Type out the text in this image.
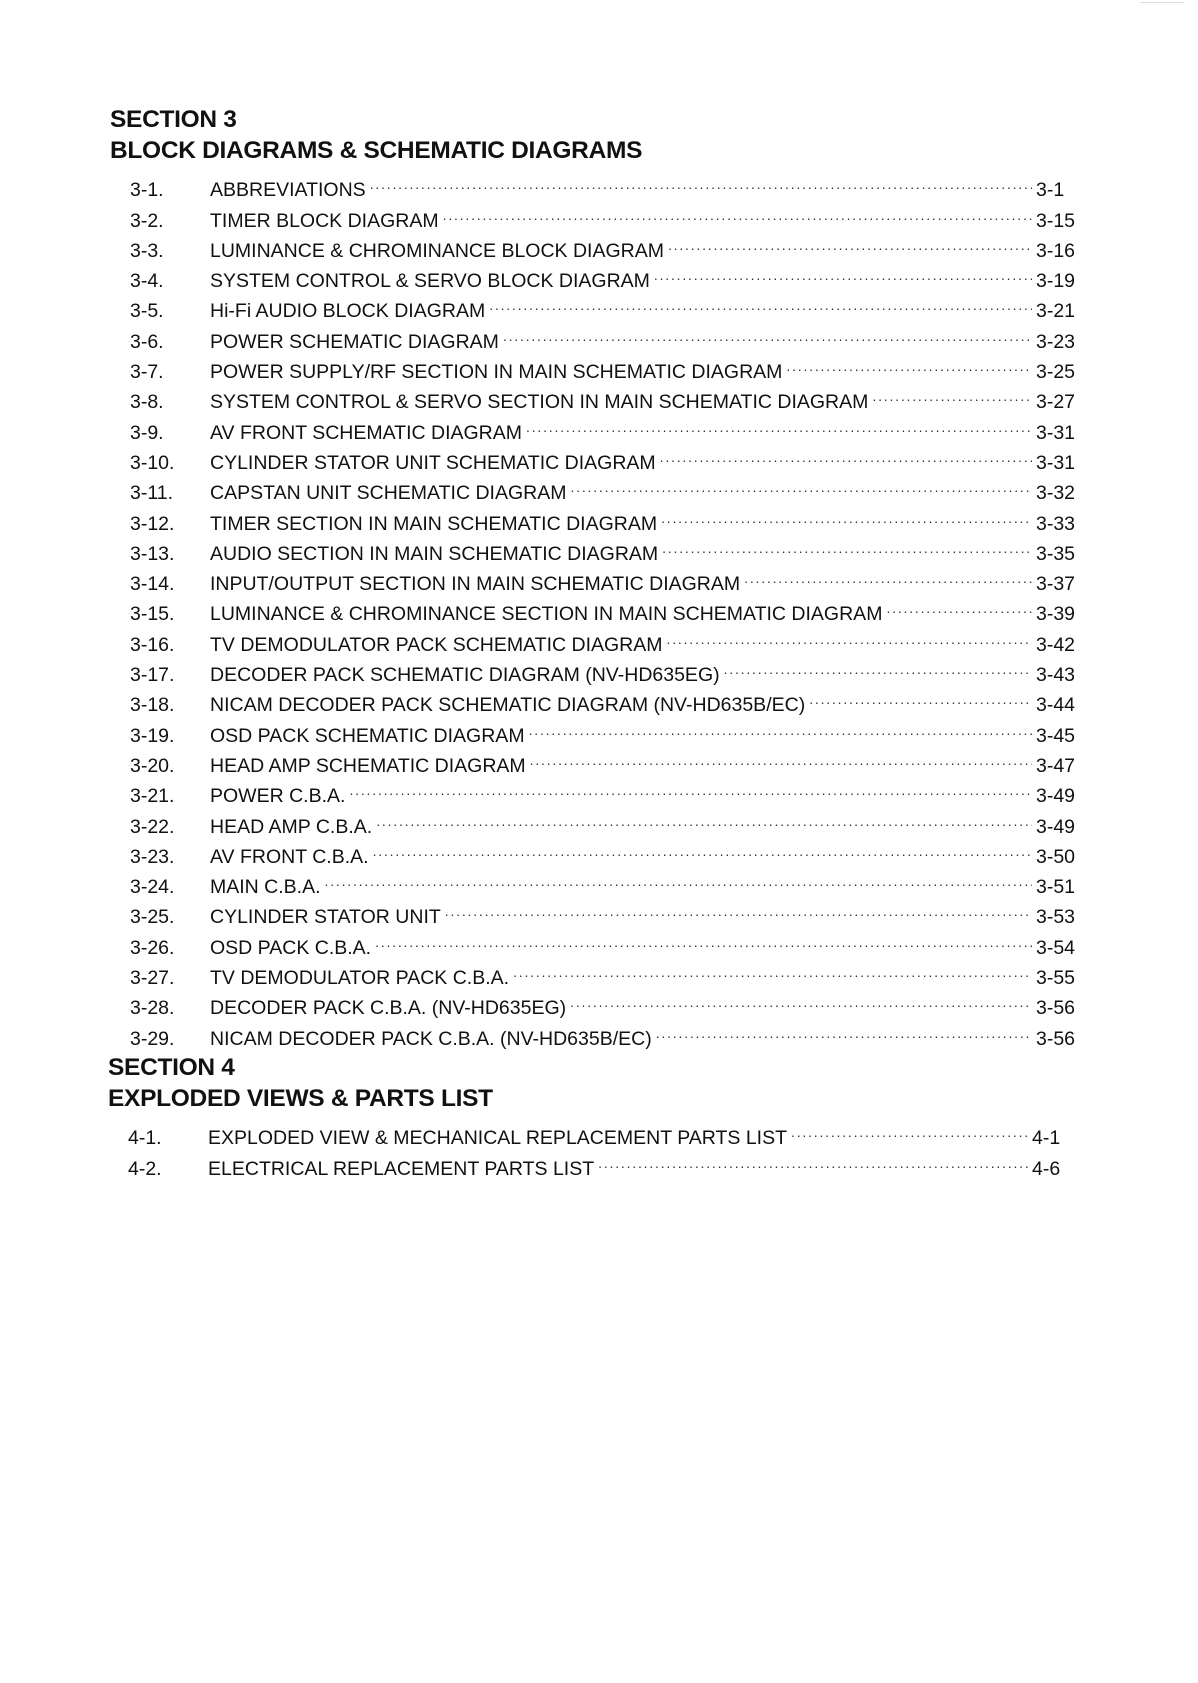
SECTION 3
BLOCK DIAGRAMS & SCHEMATIC DIAGRAMS
3-1.	ABBREVIATIONS .....	3-1
3-2.	TIMER BLOCK DIAGRAM .....	3-15
3-3.	LUMINANCE & CHROMINANCE BLOCK DIAGRAM .....	3-16
3-4.	SYSTEM CONTROL & SERVO BLOCK DIAGRAM .....	3-19
3-5.	Hi-Fi AUDIO BLOCK DIAGRAM .....	3-21
3-6.	POWER SCHEMATIC DIAGRAM .....	3-23
3-7.	POWER SUPPLY/RF SECTION IN MAIN SCHEMATIC DIAGRAM .....	3-25
3-8.	SYSTEM CONTROL & SERVO SECTION IN MAIN SCHEMATIC DIAGRAM .....	3-27
3-9.	AV FRONT SCHEMATIC DIAGRAM .....	3-31
3-10.	CYLINDER STATOR UNIT SCHEMATIC DIAGRAM .....	3-31
3-11.	CAPSTAN UNIT SCHEMATIC DIAGRAM .....	3-32
3-12.	TIMER SECTION IN MAIN SCHEMATIC DIAGRAM .....	3-33
3-13.	AUDIO SECTION IN MAIN SCHEMATIC DIAGRAM .....	3-35
3-14.	INPUT/OUTPUT SECTION IN MAIN SCHEMATIC DIAGRAM .....	3-37
3-15.	LUMINANCE & CHROMINANCE SECTION IN MAIN SCHEMATIC DIAGRAM .....	3-39
3-16.	TV DEMODULATOR PACK SCHEMATIC DIAGRAM .....	3-42
3-17.	DECODER PACK SCHEMATIC DIAGRAM (NV-HD635EG) .....	3-43
3-18.	NICAM DECODER PACK SCHEMATIC DIAGRAM (NV-HD635B/EC) .....	3-44
3-19.	OSD PACK SCHEMATIC DIAGRAM .....	3-45
3-20.	HEAD AMP SCHEMATIC DIAGRAM .....	3-47
3-21.	POWER C.B.A. .....	3-49
3-22.	HEAD AMP C.B.A. .....	3-49
3-23.	AV FRONT C.B.A. .....	3-50
3-24.	MAIN C.B.A. .....	3-51
3-25.	CYLINDER STATOR UNIT .....	3-53
3-26.	OSD PACK C.B.A. .....	3-54
3-27.	TV DEMODULATOR PACK C.B.A. .....	3-55
3-28.	DECODER PACK C.B.A. (NV-HD635EG) .....	3-56
3-29.	NICAM DECODER PACK C.B.A. (NV-HD635B/EC) .....	3-56
SECTION 4
EXPLODED VIEWS & PARTS LIST
4-1.	EXPLODED VIEW & MECHANICAL REPLACEMENT PARTS LIST .....	4-1
4-2.	ELECTRICAL REPLACEMENT PARTS LIST .....	4-6
